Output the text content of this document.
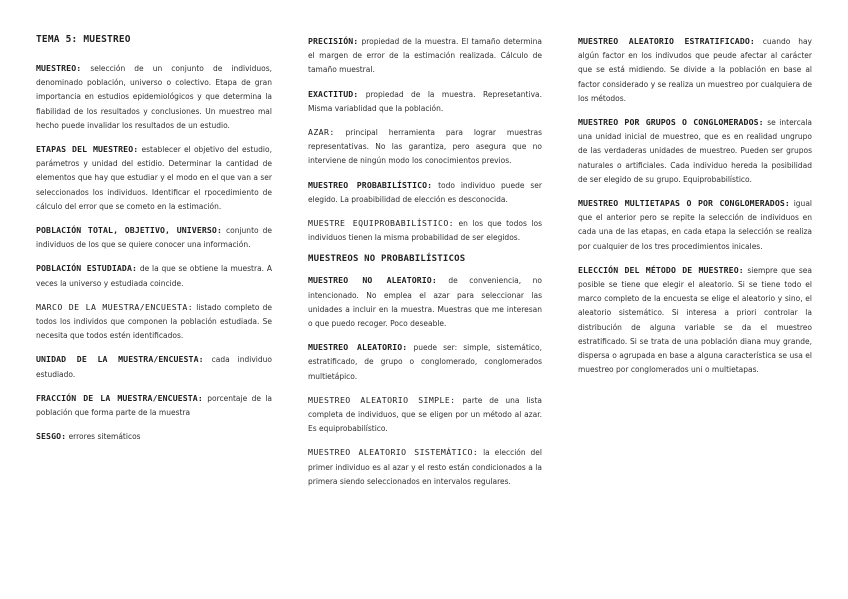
TEMA 5: MUESTREO

MUESTREO: selección de un conjunto de individuos, denominado población, universo o colectivo. Etapa de gran importancia en estudios epidemiológicos y que determina la fiabilidad de los resultados y conclusiones. Un muestreo mal hecho puede invalidar los resultados de un estudio.

ETAPAS DEL MUESTREO: establecer el objetivo del estudio, parámetros y unidad del estidio. Determinar la cantidad de elementos que hay que estudiar y el modo en el que van a ser seleccionados los individuos. Identificar el rpocedimiento de cálculo del error que se cometo en la estimación.

POBLACIÓN TOTAL, OBJETIVO, UNIVERSO: conjunto de individuos de los que se quiere conocer una información.

POBLACIÓN ESTUDIADA: de la que se obtiene la muestra. A veces la universo y estudiada coincide.

MARCO DE LA MUESTRA/ENCUESTA: listado completo de todos los individos que componen la población estudiada. Se necesita que todos estén identificados.

UNIDAD DE LA MUESTRA/ENCUESTA: cada individuo estudiado.

FRACCIÓN DE LA MUESTRA/ENCUESTA: porcentaje de la población que forma parte de la muestra

SESGO: errores sitemáticos

PRECISIÓN: propiedad de la muestra. El tamaño determina el margen de error de la estimación realizada. Cálculo de tamaño muestral.

EXACTITUD: propiedad de la muestra. Represetantiva. Misma variablidad que la población.

AZAR: principal herramienta para lograr muestras representativas. No las garantiza, pero asegura que no interviene de ningún modo los conocimientos previos.

MUESTREO PROBABILÍSTICO: todo individuo puede ser elegido. La proabibilidad de elección es desconocida.

MUESTRE EQUIPROBABILÍSTICO: en los que todos los individuos tienen la misma probabilidad de ser elegidos.

MUESTREOS NO PROBABILÍSTICOS

MUESTREO NO ALEATORIO: de conveniencia, no intencionado. No emplea el azar para seleccionar las unidades a incluir en la muestra. Muestras que me interesan o que puedo recoger. Poco deseable.

MUESTREO ALEATORIO: puede ser: simple, sistemático, estratificado, de grupo o conglomerado, conglomerados multietápico.

MUESTREO ALEATORIO SIMPLE: parte de una lista completa de individuos, que se eligen por un método al azar. Es equiprobabilístico.

MUESTREO ALEATORIO SISTEMÁTICO: la elección del primer individuo es al azar y el resto están condicionados a la primera siendo seleccionados en intervalos regulares.

MUESTREO ALEATORIO ESTRATIFICADO: cuando hay algún factor en los indivudos que peude afectar al carácter que se está midiendo. Se divide a la población en base al factor considerado y se realiza un muestreo por cualquiera de los métodos.

MUESTREO POR GRUPOS O CONGLOMERADOS: se intercala una unidad inicial de muestreo, que es en realidad ungrupo de las verdaderas unidades de muestreo. Pueden ser grupos naturales o artificiales. Cada individuo hereda la posibilidad de ser elegido de su grupo. Equiprobabilístico.

MUESTREO MULTIETAPAS O POR CONGLOMERADOS: igual que el anterior pero se repite la selección de individuos en cada una de las etapas, en cada etapa la selección se realiza por cualquier de los tres procedimientos inicales.

ELECCIÓN DEL MÉTODO DE MUESTREO: siempre que sea posible se tiene que elegir el aleatorio. Si se tiene todo el marco completo de la encuesta se elige el aleatorio y sino, el aleatorio sistemático. Si interesa a priori controlar la distribución de alguna variable se da el muestreo estratificado. Si se trata de una población diana muy grande, dispersa o agrupada en base a alguna característica se usa el muestreo por conglomerados uni o multietapas.
